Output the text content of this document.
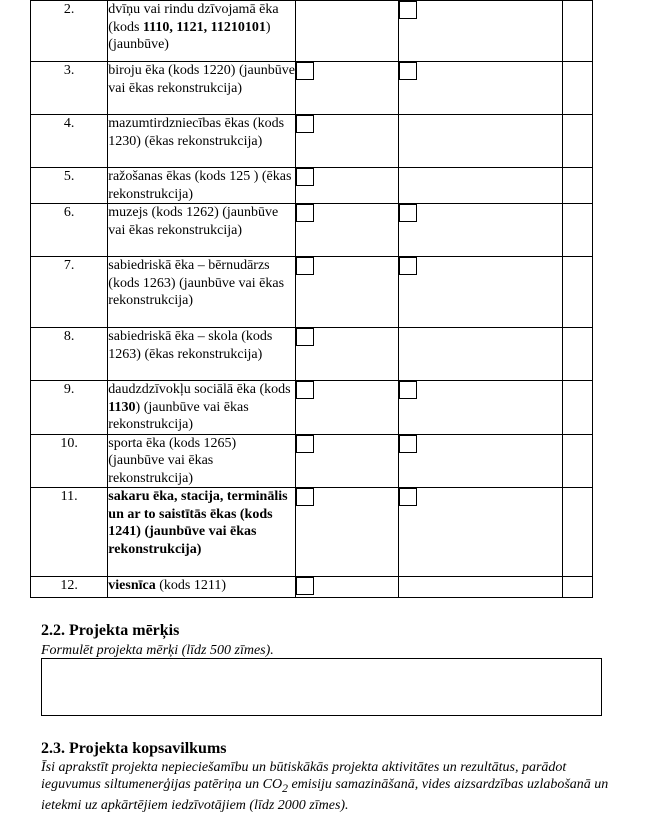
2.	dvīņu vai rindu dzīvojamā ēka (kods 1110, 1121, 11210101) (jaunbūve)		

3.	biroju ēka (kods 1220) (jaunbūve vai ēkas rekonstrukcija)	

4.	mazumtirdzniecības ēkas (kods 1230) (ēkas rekonstrukcija)	

5.	ražošanas ēkas (kods 125 ) (ēkas rekonstrukcija)	

6.	muzejs (kods 1262) (jaunbūve vai ēkas rekonstrukcija)	

7.	sabiedriskā ēka – bērnudārzs (kods 1263) (jaunbūve vai ēkas rekonstrukcija)	

8.	sabiedriskā ēka – skola (kods 1263) (ēkas rekonstrukcija)	

9.	daudzdzīvokļu sociālā ēka (kods 1130) (jaunbūve vai ēkas rekonstrukcija)	

10.	sporta ēka (kods 1265) (jaunbūve vai ēkas rekonstrukcija)	

11.	sakaru ēka, stacija, terminālis un ar to saistītās ēkas (kods 1241) (jaunbūve vai ēkas rekonstrukcija)	

12.	viesnīca (kods 1211)	

2.2. Projekta mērķis

Formulēt projekta mērķi (līdz 500 zīmes).

2.3. Projekta kopsavilkums

Īsi aprakstīt projekta nepieciešamību un būtiskākās projekta aktivitātes un rezultātus, parādot ieguvumus siltumenerģijas patēriņa un $CO_2$ emisiju samazināšanā, vides aizsardzības uzlabošanā un ietekmi uz apkārtējiem iedzīvotājiem (līdz 2000 zīmes).
